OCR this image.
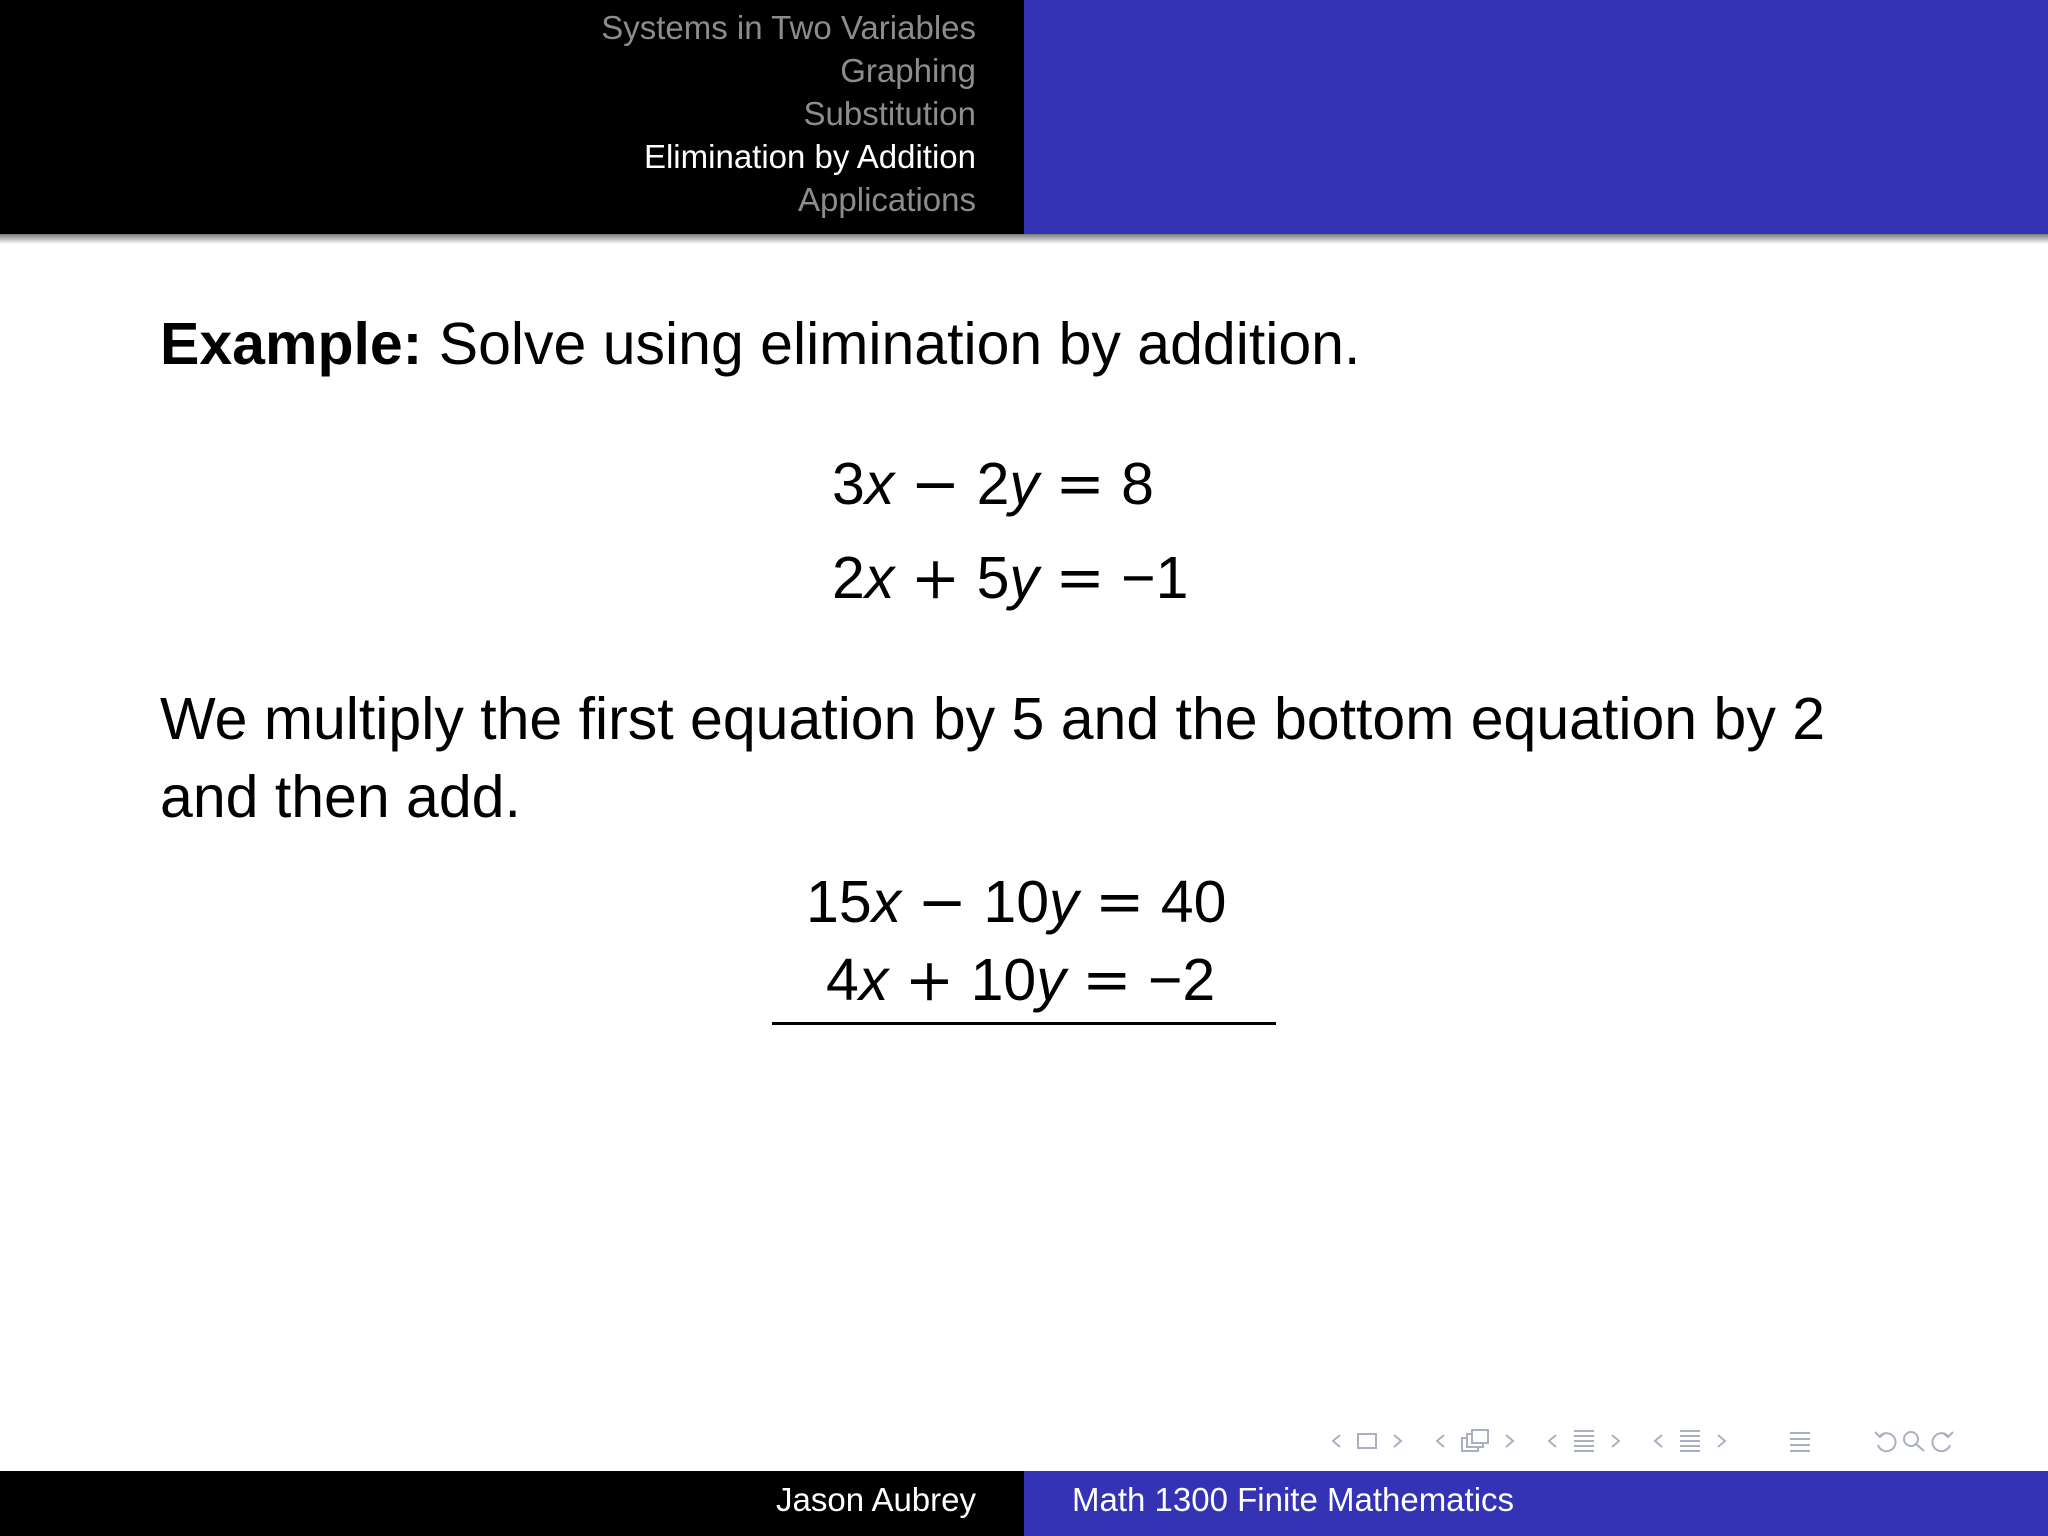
Systems in Two Variables
Graphing
Substitution
Elimination by Addition
Applications
Example: Solve using elimination by addition.
3x − 2y = 8
2x + 5y = −1
We multiply the first equation by 5 and the bottom equation by 2 and then add.
15x − 10y = 40
4x + 10y = −2
Jason Aubrey	Math 1300 Finite Mathematics
